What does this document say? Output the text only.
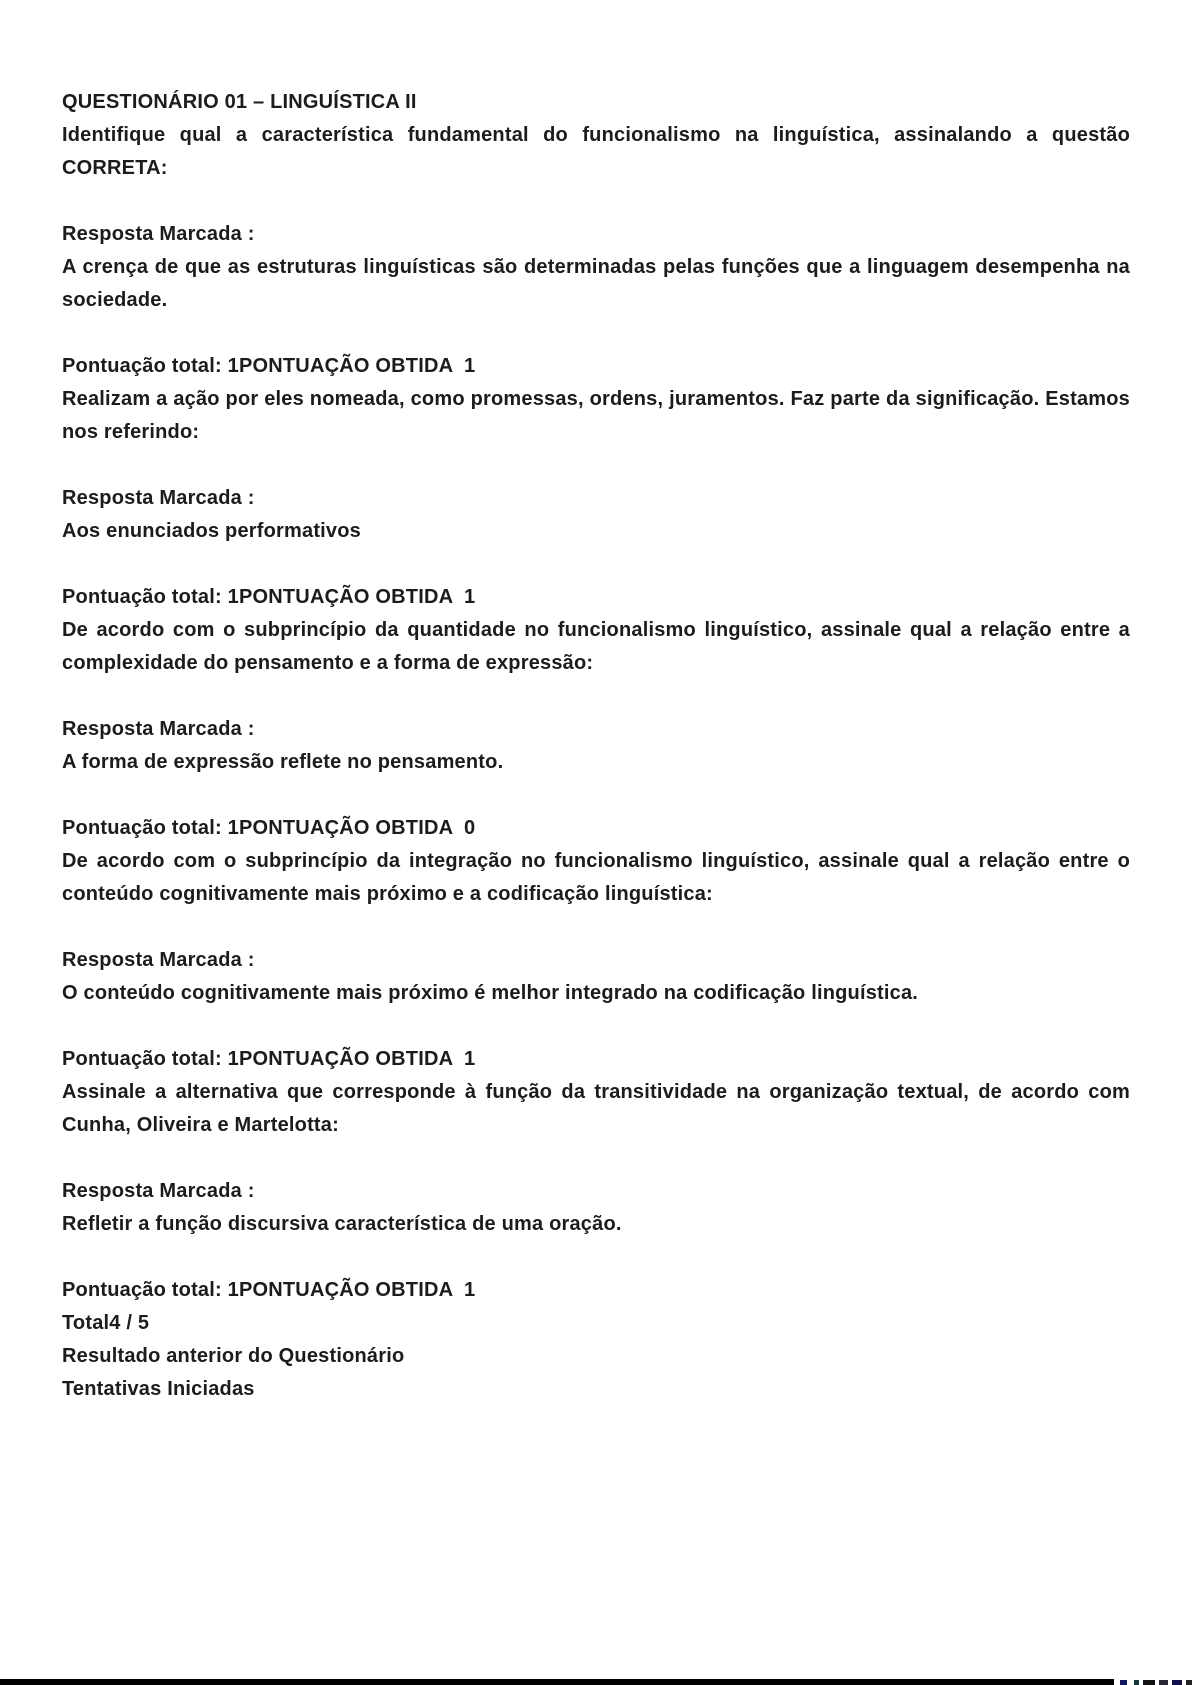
QUESTIONÁRIO 01 – LINGUÍSTICA II

Identifique qual a característica fundamental do funcionalismo na linguística, assinalando a questão CORRETA:

Resposta Marcada :

A crença de que as estruturas linguísticas são determinadas pelas funções que a linguagem desempenha na sociedade.

Pontuação total: 1PONTUAÇÃO OBTIDA  1

Realizam a ação por eles nomeada, como promessas, ordens, juramentos. Faz parte da significação. Estamos nos referindo:

Resposta Marcada :

Aos enunciados performativos

Pontuação total: 1PONTUAÇÃO OBTIDA  1

De acordo com o subprincípio da quantidade no funcionalismo linguístico, assinale qual a relação entre a complexidade do pensamento e a forma de expressão:

Resposta Marcada :

A forma de expressão reflete no pensamento.

Pontuação total: 1PONTUAÇÃO OBTIDA  0

De acordo com o subprincípio da integração no funcionalismo linguístico, assinale qual a relação entre o conteúdo cognitivamente mais próximo e a codificação linguística:

Resposta Marcada :

O conteúdo cognitivamente mais próximo é melhor integrado na codificação linguística.

Pontuação total: 1PONTUAÇÃO OBTIDA  1

Assinale a alternativa que corresponde à função da transitividade na organização textual, de acordo com Cunha, Oliveira e Martelotta:

Resposta Marcada :

Refletir a função discursiva característica de uma oração.

Pontuação total: 1PONTUAÇÃO OBTIDA  1

Total4 / 5

Resultado anterior do Questionário

Tentativas Iniciadas
